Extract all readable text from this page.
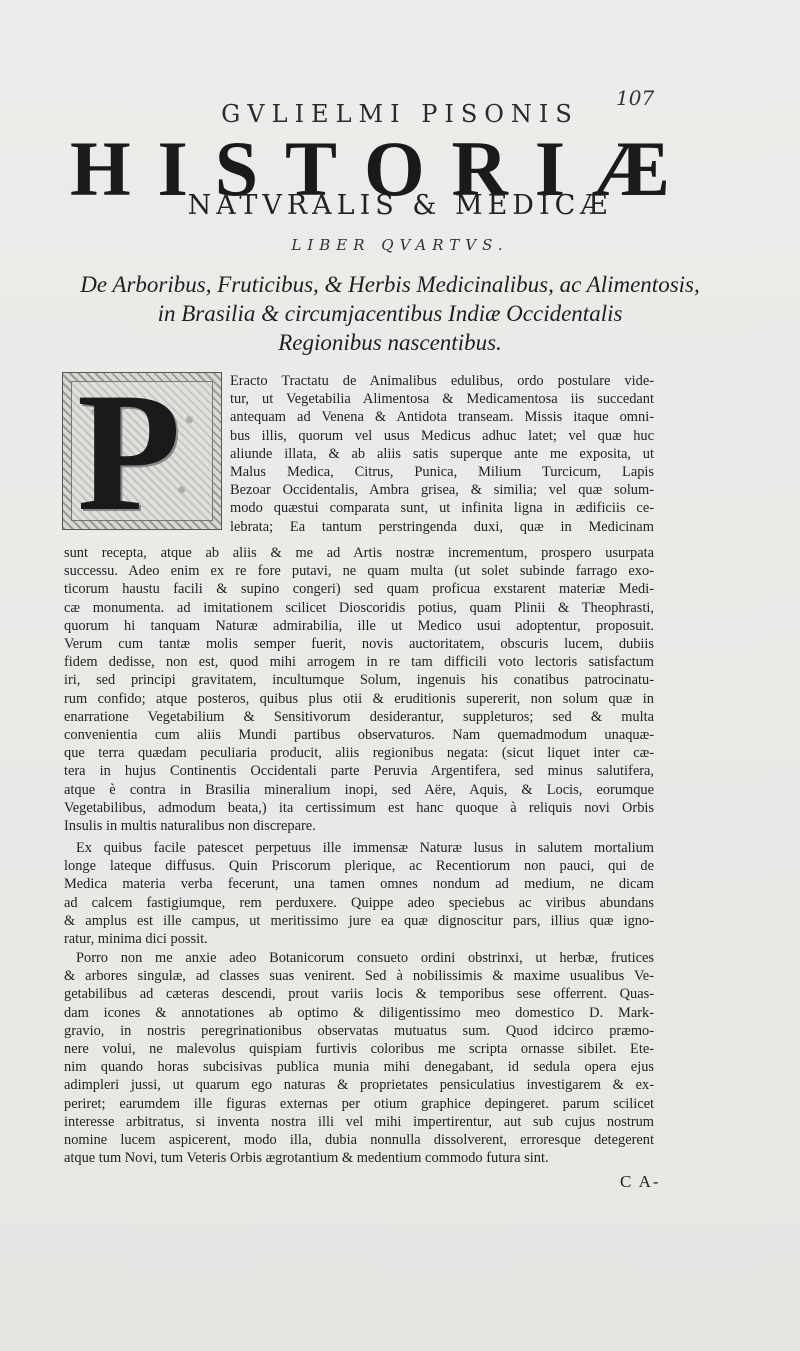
107
GVLIELMI PISONIS
H I S T O R I Æ
NATVRALIS & MEDICÆ
LIBER QVARTVS.
De Arboribus, Fruticibus, & Herbis Medicinalibus, ac Alimentosis,
in Brasilia & circumjacentibus Indiæ Occidentalis
Regionibus nascentibus.
P	Eracto Tractatu de Animalibus edulibus, ordo postulare vide-
tur, ut Vegetabilia Alimentosa & Medicamentosa iis succedant
antequam ad Venena & Antidota transeam. Missis itaque omni-
bus illis, quorum vel usus Medicus adhuc latet; vel quæ huc
aliunde illata, & ab aliis satis superque ante me exposita, ut
Malus Medica, Citrus, Punica, Milium Turcicum, Lapis
Bezoar Occidentalis, Ambra grisea, & similia; vel quæ solum-
modo quæstui comparata sunt, ut infinita ligna in ædificiis ce-
lebrata; Ea tantum perstringenda duxi, quæ in Medicinam
sunt recepta, atque ab aliis & me ad Artis nostræ incrementum, prospero usurpata
successu. Adeo enim ex re fore putavi, ne quam multa (ut solet subinde farrago exo-
ticorum haustu facili & supino congeri) sed quam proficua exstarent materiæ Medi-
cæ monumenta. ad imitationem scilicet Dioscoridis potius, quam Plinii & Theophrasti,
quorum hi tanquam Naturæ admirabilia, ille ut Medico usui adoptentur, proposuit.
Verum cum tantæ molis semper fuerit, novis auctoritatem, obscuris lucem, dubiis
fidem dedisse, non est, quod mihi arrogem in re tam difficili voto lectoris satisfactum
iri, sed principi gravitatem, incultumque Solum, ingenuis his conatibus patrocinatu-
rum confido; atque posteros, quibus plus otii & eruditionis supererit, non solum quæ in
enarratione Vegetabilium & Sensitivorum desiderantur, suppleturos; sed & multa
convenientia cum aliis Mundi partibus observaturos. Nam quemadmodum unaquæ-
que terra quædam peculiaria producit, aliis regionibus negata: (sicut liquet inter cæ-
tera in hujus Continentis Occidentali parte Peruvia Argentifera, sed minus salutifera,
atque è contra in Brasilia mineralium inopi, sed Aëre, Aquis, & Locis, eorumque
Vegetabilibus, admodum beata,) ita certissimum est hanc quoque à reliquis novi Orbis
Insulis in multis naturalibus non discrepare.
Ex quibus facile patescet perpetuus ille immensæ Naturæ lusus in salutem mortalium
longe lateque diffusus. Quin Priscorum plerique, ac Recentiorum non pauci, qui de
Medica materia verba fecerunt, una tamen omnes nondum ad medium, ne dicam
ad calcem fastigiumque, rem perduxere. Quippe adeo speciebus ac viribus abundans
& amplus est ille campus, ut meritissimo jure ea quæ dignoscitur pars, illius quæ igno-
ratur, minima dici possit.
Porro non me anxie adeo Botanicorum consueto ordini obstrinxi, ut herbæ, frutices
& arbores singulæ, ad classes suas venirent. Sed à nobilissimis & maxime usualibus Ve-
getabilibus ad cæteras descendi, prout variis locis & temporibus sese offerrent. Quas-
dam icones & annotationes ab optimo & diligentissimo meo domestico D. Mark-
gravio, in nostris peregrinationibus observatas mutuatus sum. Quod idcirco præmo-
nere volui, ne malevolus quispiam furtivis coloribus me scripta ornasse sibilet. Ete-
nim quando horas subcisivas publica munia mihi denegabant, id sedula opera ejus
adimpleri jussi, ut quarum ego naturas & proprietates pensiculatius investigarem & ex-
periret; earumdem ille figuras externas per otium graphice depingeret. parum scilicet
interesse arbitratus, si inventa nostra illi vel mihi impertirentur, aut sub cujus nostrum
nomine lucem aspicerent, modo illa, dubia nonnulla dissolverent, erroresque detegerent
atque tum Novi, tum Veteris Orbis ægrotantium & medentium commodo futura sint.
C A-
